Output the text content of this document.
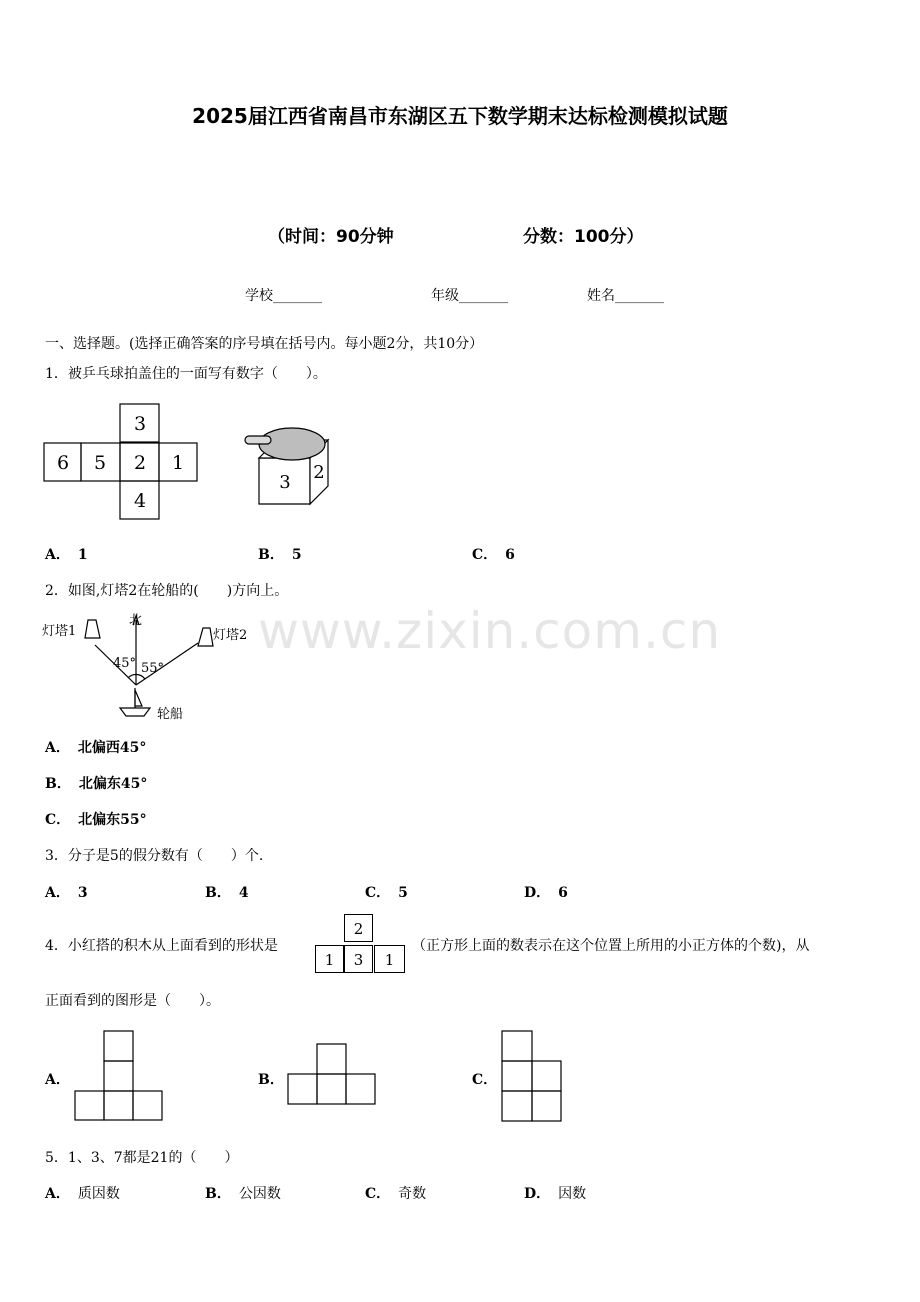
2025届江西省南昌市东湖区五下数学期末达标检测模拟试题
（时间：90分钟	分数：100分）
学校_______	年级_______	姓名_______
www.zixin.com.cn
一、选择题。(选择正确答案的序号填在括号内。每小题2分，共10分）
1．被乒乓球拍盖住的一面写有数字（　　）。
3
6 5 2 1
4
3 2
A． 1	B． 5	C． 6
2．如图,灯塔2在轮船的(　　)方向上。
灯塔1
北
灯塔2
45° 55°
轮船
A． 北偏西45°
B． 北偏东45°
C． 北偏东55°
3．分子是5的假分数有（　　）个.
A． 3	B． 4	C． 5	D． 6
4．小红搭的积木从上面看到的形状是
2
1	3	1
（正方形上面的数表示在这个位置上所用的小正方体的个数)，从
正面看到的图形是（　　）。
A．	B．	C．
5．1、3、7都是21的（　　）
A． 质因数	B． 公因数	C． 奇数	D． 因数
